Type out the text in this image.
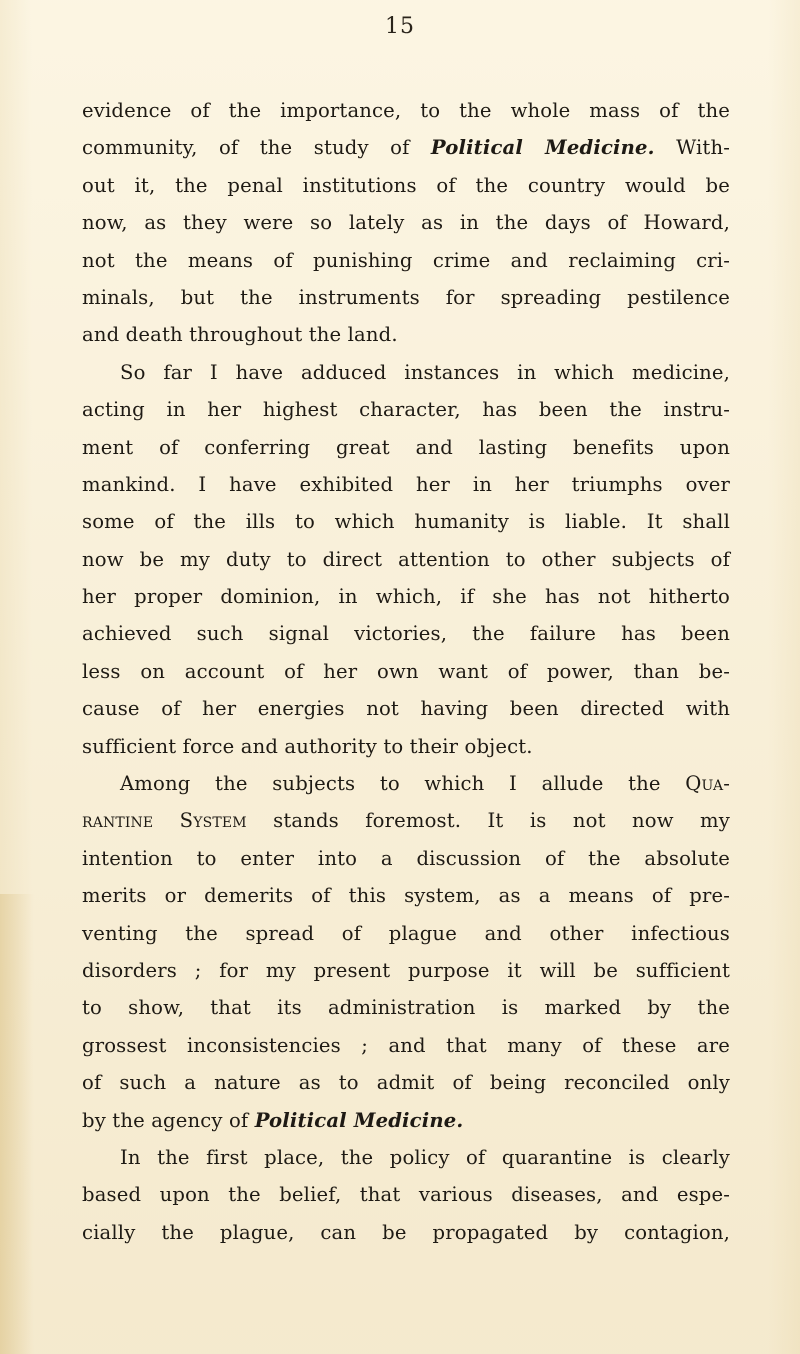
15
evidence of the importance, to the whole mass of the
community, of the study of Political Medicine. With-
out it, the penal institutions of the country would be
now, as they were so lately as in the days of Howard,
not the means of punishing crime and reclaiming cri-
minals, but the instruments for spreading pestilence
and death throughout the land.
So far I have adduced instances in which medicine,
acting in her highest character, has been the instru-
ment of conferring great and lasting benefits upon
mankind. I have exhibited her in her triumphs over
some of the ills to which humanity is liable. It shall
now be my duty to direct attention to other subjects of
her proper dominion, in which, if she has not hitherto
achieved such signal victories, the failure has been
less on account of her own want of power, than be-
cause of her energies not having been directed with
sufficient force and authority to their object.
Among the subjects to which I allude the Qua-
rantine System stands foremost. It is not now my
intention to enter into a discussion of the absolute
merits or demerits of this system, as a means of pre-
venting the spread of plague and other infectious
disorders ; for my present purpose it will be sufficient
to show, that its administration is marked by the
grossest inconsistencies ; and that many of these are
of such a nature as to admit of being reconciled only
by the agency of Political Medicine.
In the first place, the policy of quarantine is clearly
based upon the belief, that various diseases, and espe-
cially the plague, can be propagated by contagion,
